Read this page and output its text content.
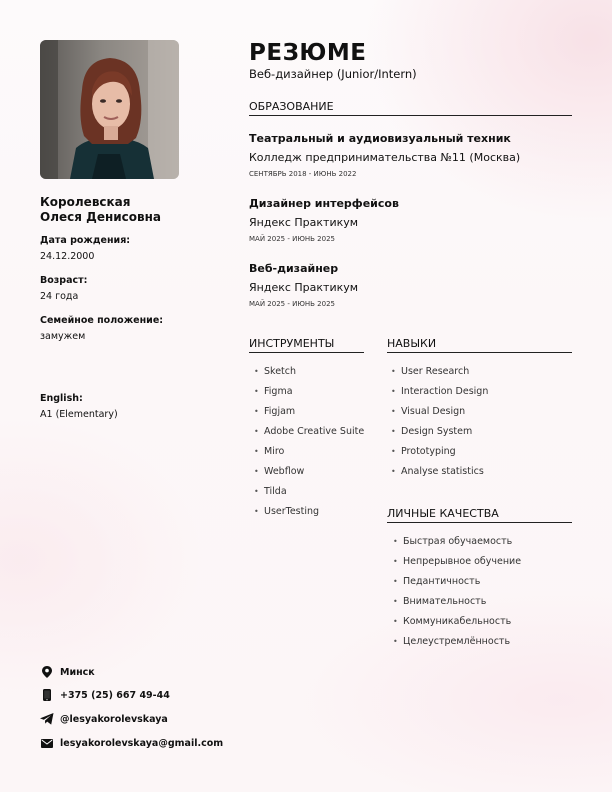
Королевская
Олеся Денисовна
Дата рождения:
24.12.2000
Возраст:
24 года
Семейное положение:
замужем
English:
A1 (Elementary)
Минск
+375 (25) 667 49-44
@lesyakorolevskaya
lesyakorolevskaya@gmail.com
РЕЗЮМЕ
Веб-дизайнер (Junior/Intern)
ОБРАЗОВАНИЕ
Театральный и аудиовизуальный техник
Колледж предпринимательства №11 (Москва)
СЕНТЯБРЬ 2018 - ИЮНЬ 2022
Дизайнер интерфейсов
Яндекс Практикум
МАЙ 2025 - ИЮНЬ 2025
Веб-дизайнер
Яндекс Практикум
МАЙ 2025 - ИЮНЬ 2025
ИНСТРУМЕНТЫ
• Sketch
• Figma
• Figjam
• Adobe Creative Suite
• Miro
• Webflow
• Tilda
• UserTesting
НАВЫКИ
• User Research
• Interaction Design
• Visual Design
• Design System
• Prototyping
• Analyse statistics
ЛИЧНЫЕ КАЧЕСТВА
• Быстрая обучаемость
• Непрерывное обучение
• Педантичность
• Внимательность
• Коммуникабельность
• Целеустремлённость
